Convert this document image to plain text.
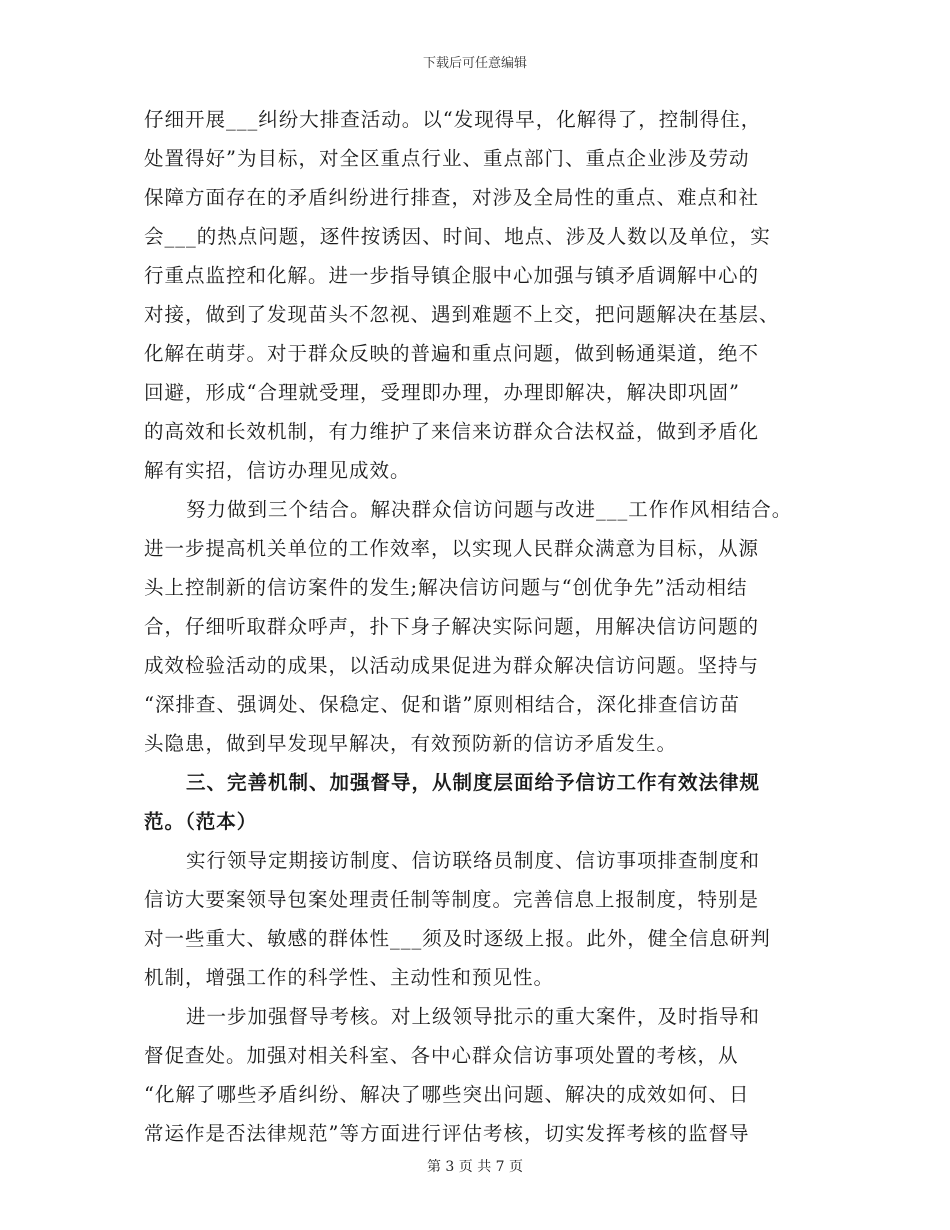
下载后可任意编辑
仔细开展___纠纷大排查活动。以“发现得早，化解得了，控制得住，
处置得好”为目标，对全区重点行业、重点部门、重点企业涉及劳动
保障方面存在的矛盾纠纷进行排查，对涉及全局性的重点、难点和社
会___的热点问题，逐件按诱因、时间、地点、涉及人数以及单位，实
行重点监控和化解。进一步指导镇企服中心加强与镇矛盾调解中心的
对接，做到了发现苗头不忽视、遇到难题不上交，把问题解决在基层、
化解在萌芽。对于群众反映的普遍和重点问题，做到畅通渠道，绝不
回避，形成“合理就受理，受理即办理，办理即解决，解决即巩固”
的高效和长效机制，有力维护了来信来访群众合法权益，做到矛盾化
解有实招，信访办理见成效。
努力做到三个结合。解决群众信访问题与改进___工作作风相结合。
进一步提高机关单位的工作效率，以实现人民群众满意为目标，从源
头上控制新的信访案件的发生;解决信访问题与“创优争先”活动相结
合，仔细听取群众呼声，扑下身子解决实际问题，用解决信访问题的
成效检验活动的成果，以活动成果促进为群众解决信访问题。坚持与
“深排查、强调处、保稳定、促和谐”原则相结合，深化排查信访苗
头隐患，做到早发现早解决，有效预防新的信访矛盾发生。
三、完善机制、加强督导，从制度层面给予信访工作有效法律规
范。（范本）
实行领导定期接访制度、信访联络员制度、信访事项排查制度和
信访大要案领导包案处理责任制等制度。完善信息上报制度，特别是
对一些重大、敏感的群体性___须及时逐级上报。此外，健全信息研判
机制，增强工作的科学性、主动性和预见性。
进一步加强督导考核。对上级领导批示的重大案件，及时指导和
督促查处。加强对相关科室、各中心群众信访事项处置的考核，从
“化解了哪些矛盾纠纷、解决了哪些突出问题、解决的成效如何、日
常运作是否法律规范”等方面进行评估考核，切实发挥考核的监督导
第 3 页 共 7 页
